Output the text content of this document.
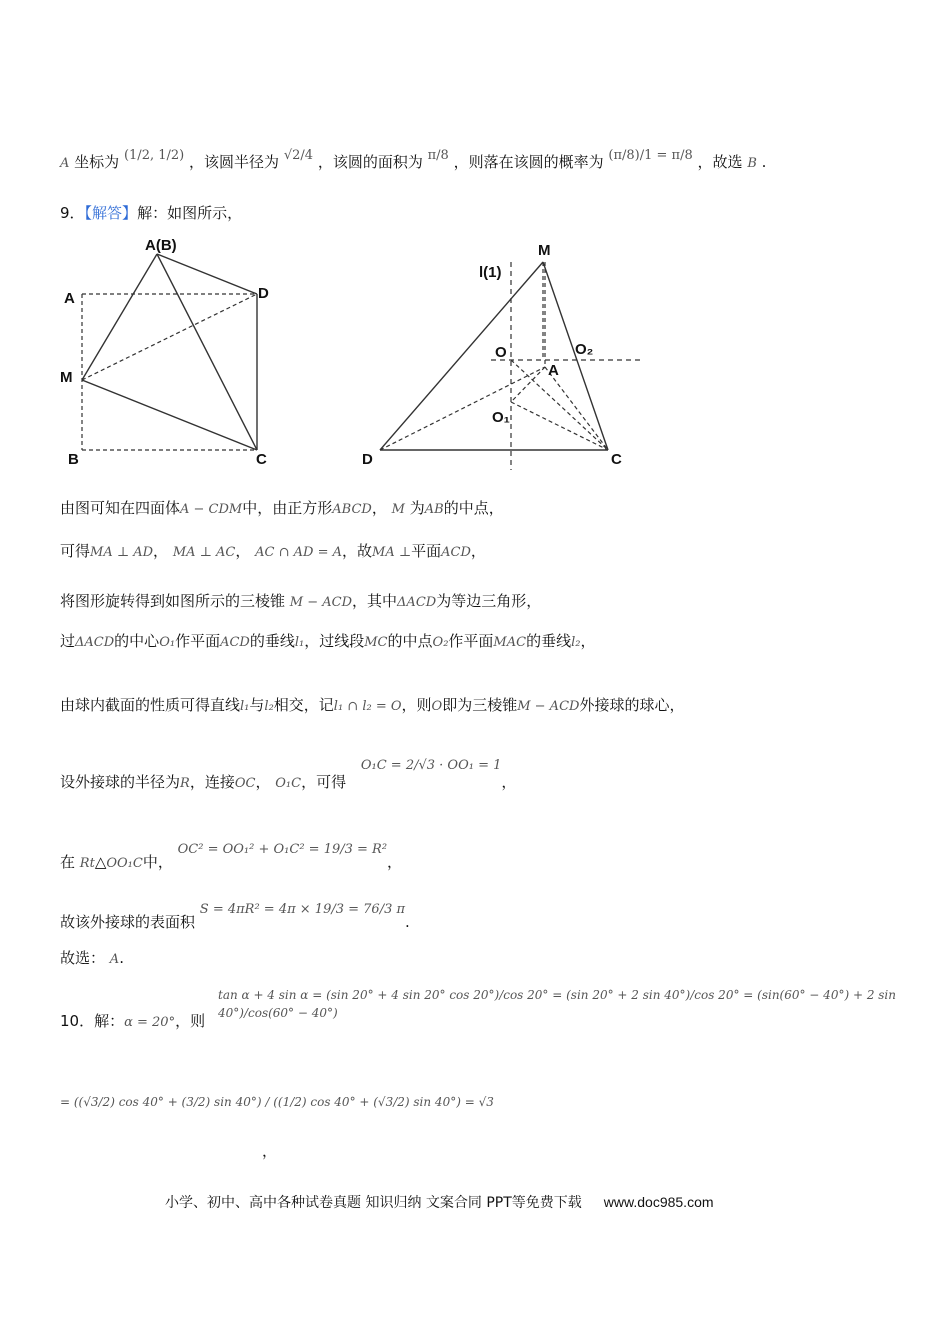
A 坐标为 (1/2, 1/2) ，该圆半径为 √2/4 ，该圆的面积为 π/8 ，则落在该圆的概率为 (π/8)/1 = π/8 ，故选 B .
9．【解答】解：如图所示，
A(B)
A	D
M
B	C
l(1)
M
O	O₂
A
O₁
D	C
由图可知在四面体A − CDM中，由正方形ABCD， M 为AB的中点，
可得MA ⊥ AD， MA ⊥ AC， AC ∩ AD = A，故MA ⊥平面ACD，
将图形旋转得到如图所示的三棱锥 M − ACD，其中ΔACD为等边三角形，
过ΔACD的中心O₁作平面ACD的垂线l₁，过线段MC的中点O₂作平面MAC的垂线l₂，
由球内截面的性质可得直线l₁与l₂相交，记l₁ ∩ l₂ = O，则O即为三棱锥M − ACD外接球的球心，
设外接球的半径为R，连接OC， O₁C，可得 O₁C = 2/√3 · OO₁ = 1，
在 Rt△OO₁C中， OC² = OO₁² + O₁C² = 19/3 = R²，
故该外接球的表面积 S = 4πR² = 4π × 19/3 = 76/3 π.
故选： A.
10．解：α = 20°，则
tan α + 4 sin α = (sin 20° + 4 sin 20° cos 20°)/cos 20° = (sin 20° + 2 sin 40°)/cos 20° = (sin(60° − 40°) + 2 sin 40°)/cos(60° − 40°)
= ((√3/2) cos 40° + (3/2) sin 40°) / ((1/2) cos 40° + (√3/2) sin 40°) = √3
，
小学、初中、高中各种试卷真题 知识归纳 文案合同 PPT等免费下载 www.doc985.com
